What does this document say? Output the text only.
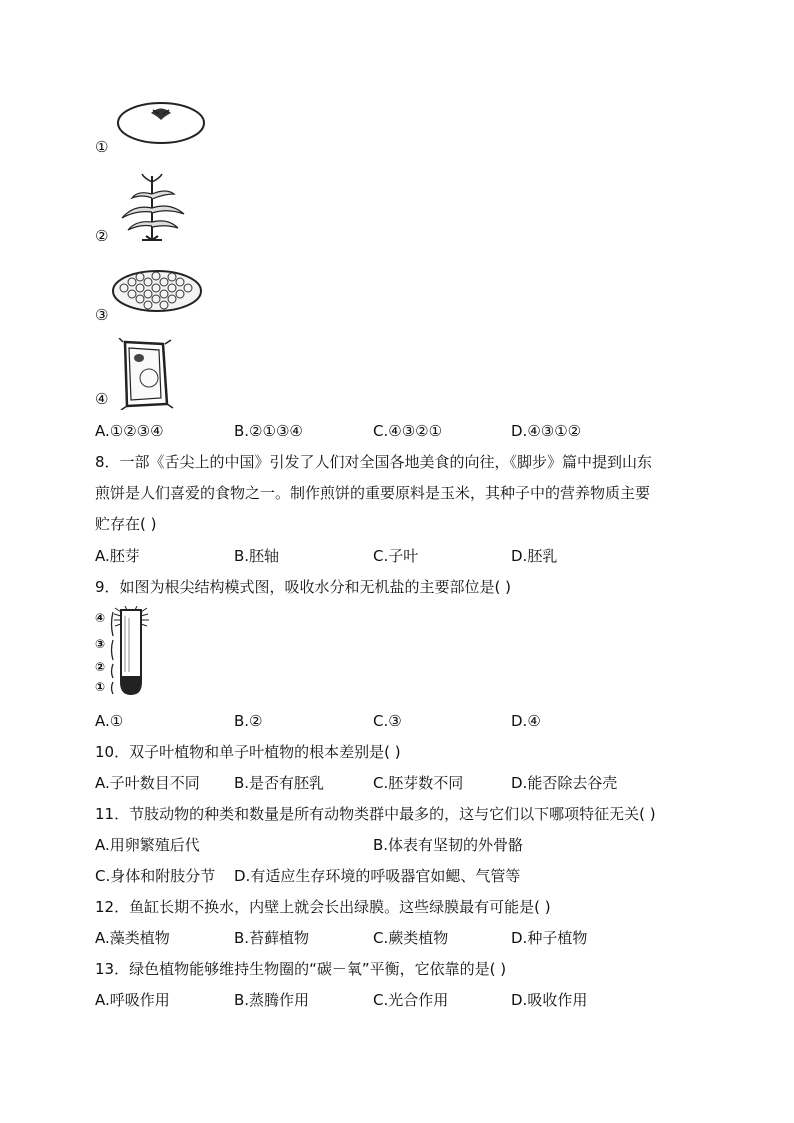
①
②
③
④
A.①②③④	B.②①③④	C.④③②①	D.④③①②
8．一部《舌尖上的中国》引发了人们对全国各地美食的向往，《脚步》篇中提到山东
煎饼是人们喜爱的食物之一。制作煎饼的重要原料是玉米，其种子中的营养物质主要
贮存在( )
A.胚芽	B.胚轴	C.子叶	D.胚乳
9．如图为根尖结构模式图，吸收水分和无机盐的主要部位是( )
④
③
②
①
A.①	B.②	C.③	D.④
10．双子叶植物和单子叶植物的根本差别是( )
A.子叶数目不同 B.是否有胚乳	C.胚芽数不同	D.能否除去谷壳
11．节肢动物的种类和数量是所有动物类群中最多的，这与它们以下哪项特征无关( )
A.用卵繁殖后代	B.体表有坚韧的外骨骼
C.身体和附肢分节 D.有适应生存环境的呼吸器官如鳃、气管等
12．鱼缸长期不换水，内壁上就会长出绿膜。这些绿膜最有可能是( )
A.藻类植物	B.苔藓植物	C.蕨类植物	D.种子植物
13．绿色植物能够维持生物圈的“碳－氧”平衡，它依靠的是( )
A.呼吸作用	B.蒸腾作用	C.光合作用	D.吸收作用
